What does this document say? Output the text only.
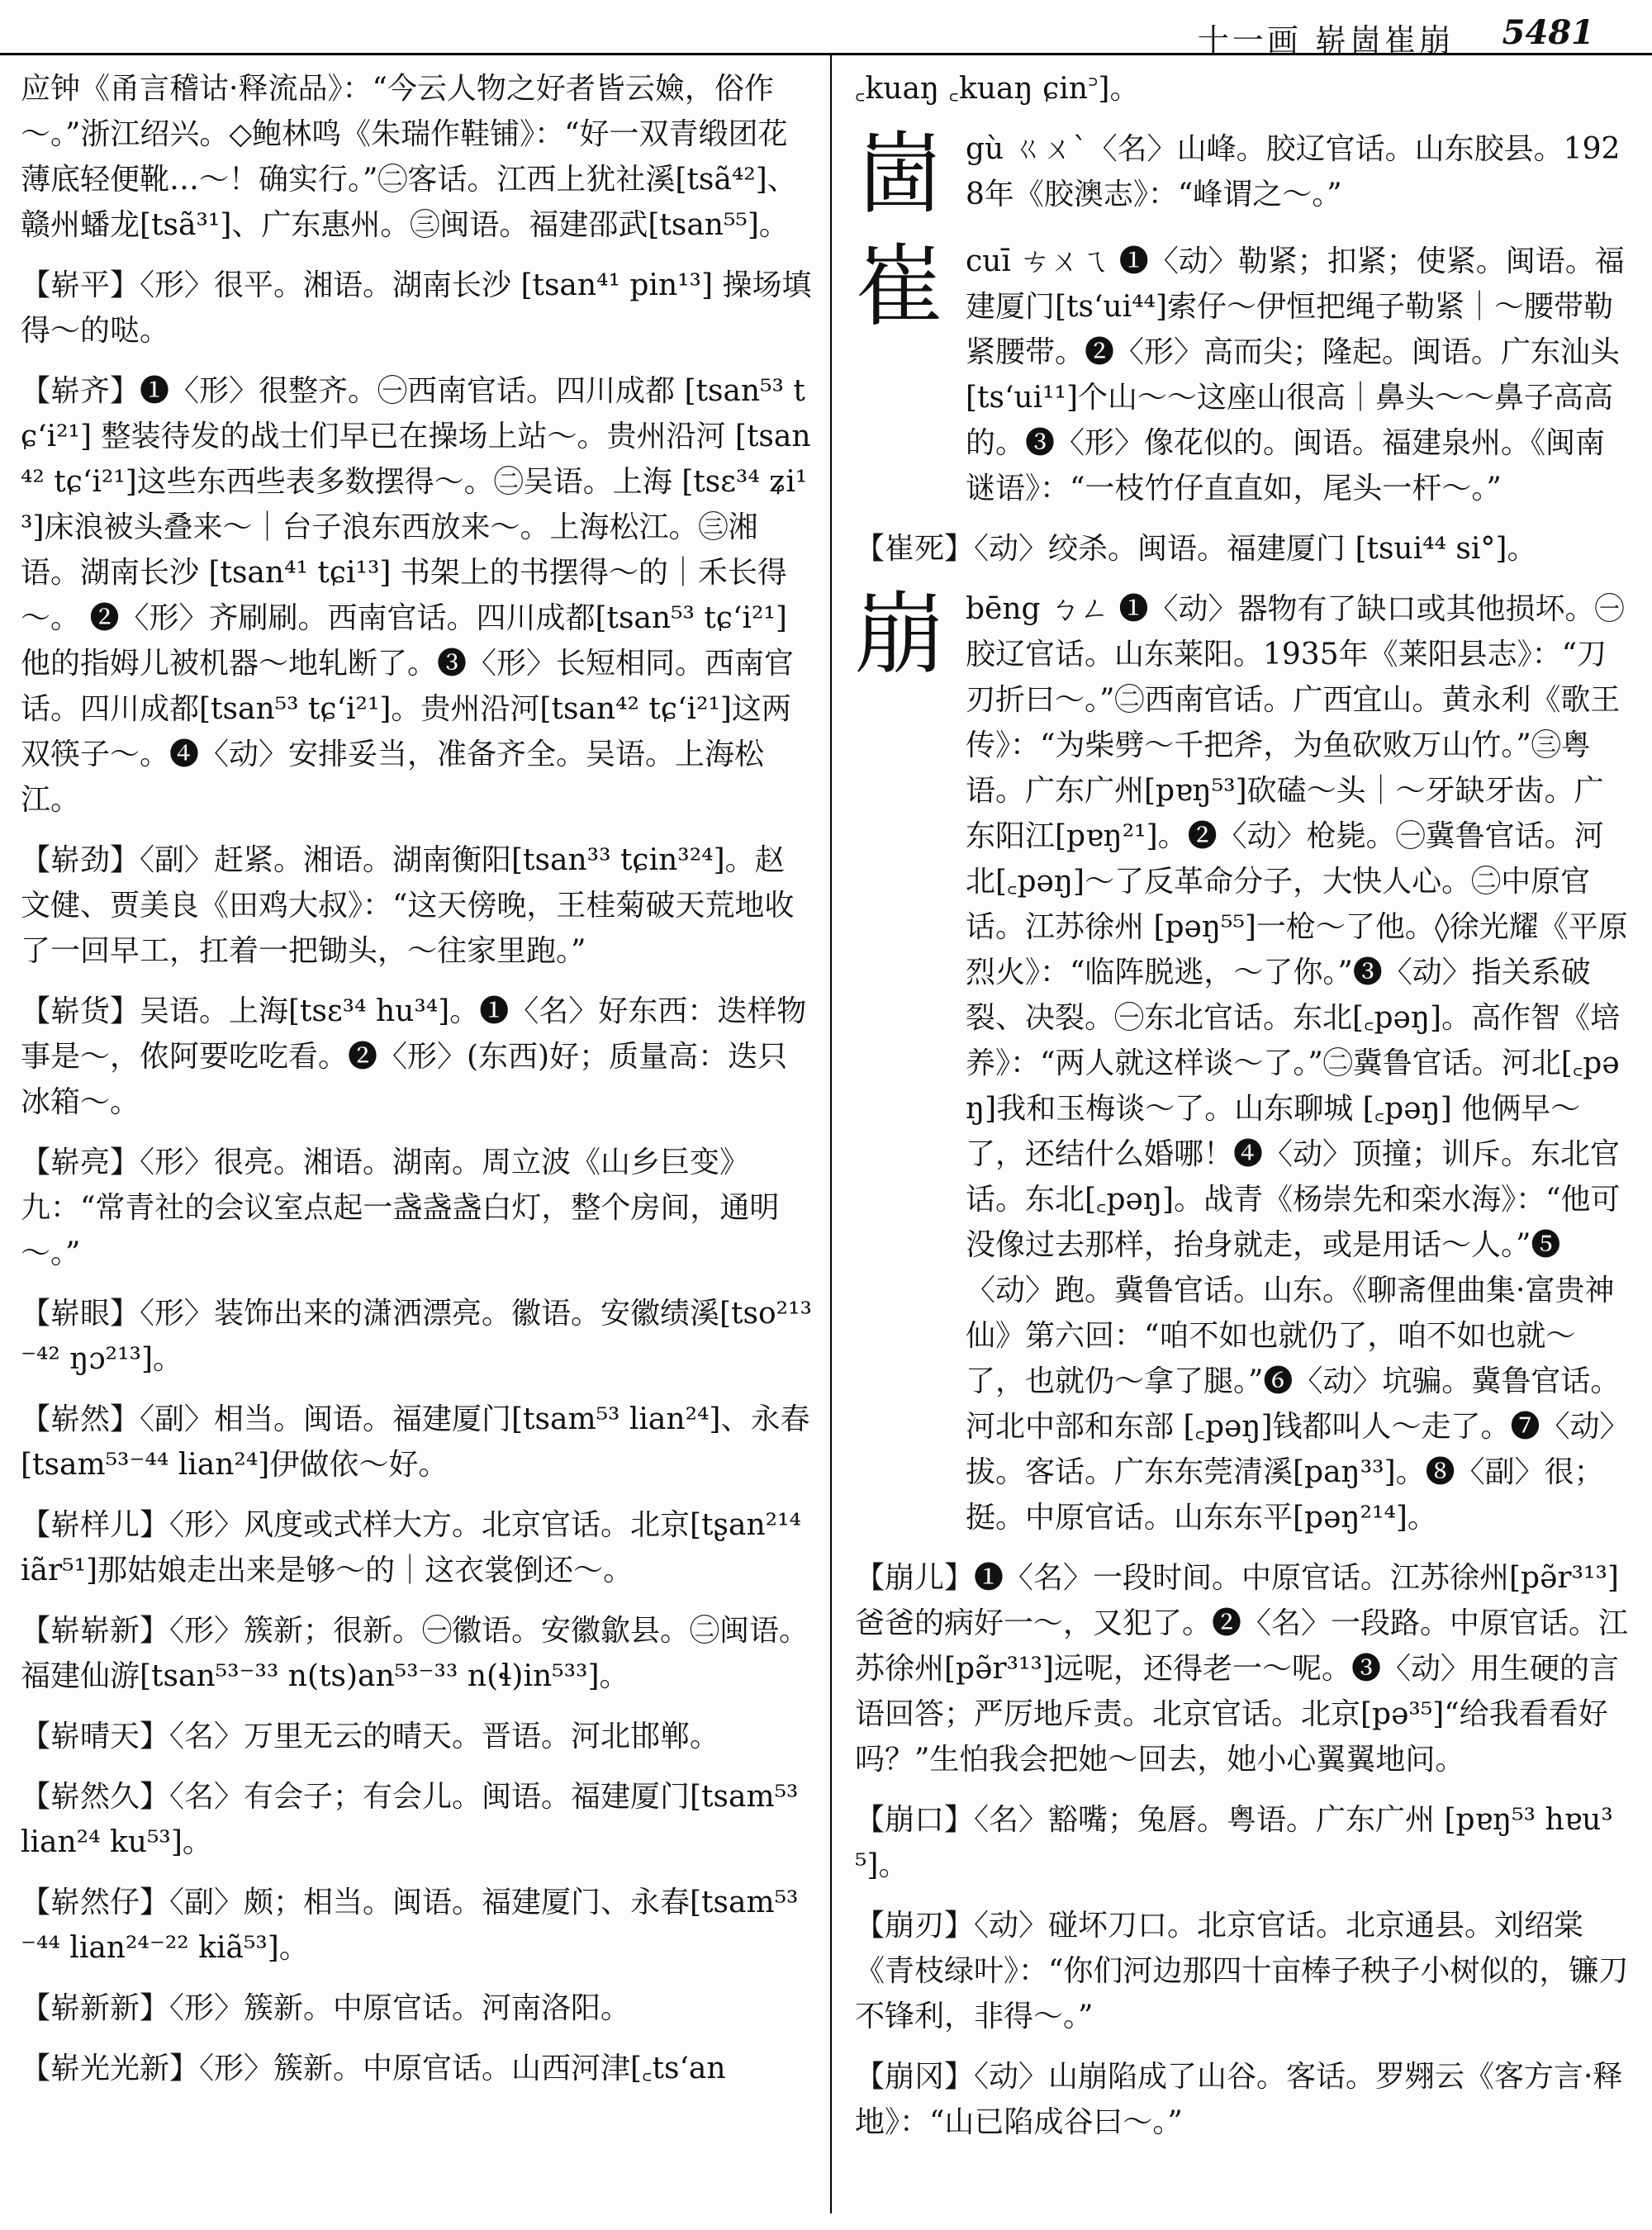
十一画 崭崮崔崩 5481

应钟《甬言稽诂·释流品》：“今云人物之好者皆云嬐，俗作～。”浙江绍兴。◇鲍林鸣《朱瑞作鞋铺》：“好一双青缎团花薄底轻便靴…～！确实行。”㊁客话。江西上犹社溪[tsã⁴²]、赣州蟠龙[tsã³¹]、广东惠州。㊂闽语。福建邵武[tsan⁵⁵]。

【崭平】〈形〉很平。湘语。湖南长沙 [tsan⁴¹ pin¹³] 操场填得～的哒。

【崭齐】❶〈形〉很整齐。㊀西南官话。四川成都 [tsan⁵³ tɕʻi²¹] 整装待发的战士们早已在操场上站～。贵州沿河 [tsan⁴² tɕʻi²¹]这些东西些表多数摆得～。㊁吴语。上海 [tsɛ³⁴ ʑi¹³]床浪被头叠来～｜台子浪东西放来～。上海松江。㊂湘语。湖南长沙 [tsan⁴¹ tɕi¹³] 书架上的书摆得～的｜禾长得～。 ❷〈形〉齐刷刷。西南官话。四川成都[tsan⁵³ tɕʻi²¹]他的指姆儿被机器～地轧断了。❸〈形〉长短相同。西南官话。四川成都[tsan⁵³ tɕʻi²¹]。贵州沿河[tsan⁴² tɕʻi²¹]这两双筷子～。❹〈动〉安排妥当，准备齐全。吴语。上海松江。

【崭劲】〈副〉赶紧。湘语。湖南衡阳[tsan³³ tɕin³²⁴]。赵文健、贾美良《田鸡大叔》：“这天傍晚，王桂菊破天荒地收了一回早工，扛着一把锄头，～往家里跑。”

【崭货】吴语。上海[tsɛ³⁴ hu³⁴]。❶〈名〉好东西：迭样物事是～，侬阿要吃吃看。❷〈形〉(东西)好；质量高：迭只冰箱～。

【崭亮】〈形〉很亮。湘语。湖南。周立波《山乡巨变》九：“常青社的会议室点起一盏盏盏白灯，整个房间，通明～。”

【崭眼】〈形〉装饰出来的潇洒漂亮。徽语。安徽绩溪[tso²¹³⁻⁴² ŋɔ²¹³]。

【崭然】〈副〉相当。闽语。福建厦门[tsam⁵³ lian²⁴]、永春[tsam⁵³⁻⁴⁴ lian²⁴]伊做依～好。

【崭样儿】〈形〉风度或式样大方。北京官话。北京[tʂan²¹⁴ iãr⁵¹]那姑娘走出来是够～的｜这衣裳倒还～。

【崭崭新】〈形〉簇新；很新。㊀徽语。安徽歙县。㊁闽语。福建仙游[tsan⁵³⁻³³ n(ts)an⁵³⁻³³ n(ɬ)in⁵³³]。

【崭晴天】〈名〉万里无云的晴天。晋语。河北邯郸。

【崭然久】〈名〉有会子；有会儿。闽语。福建厦门[tsam⁵³ lian²⁴ ku⁵³]。

【崭然仔】〈副〉颇；相当。闽语。福建厦门、永春[tsam⁵³⁻⁴⁴ lian²⁴⁻²² kiã⁵³]。

【崭新新】〈形〉簇新。中原官话。河南洛阳。

【崭光光新】〈形〉簇新。中原官话。山西河津[꜀tsʻan

꜀kuaŋ ꜀kuaŋ ɕin꜄]。

崮 gù ㄍㄨˋ〈名〉山峰。胶辽官话。山东胶县。1928年《胶澳志》：“峰谓之～。”
崔 cuī ㄘㄨㄟ ❶〈动〉勒紧；扣紧；使紧。闽语。福建厦门[tsʻui⁴⁴]索仔～伊恒把绳子勒紧｜～腰带勒紧腰带。❷〈形〉高而尖；隆起。闽语。广东汕头[tsʻui¹¹]个山～～这座山很高｜鼻头～～鼻子高高的。❸〈形〉像花似的。闽语。福建泉州。《闽南谜语》：“一枝竹仔直直如，尾头一杆～。”

【崔死】〈动〉绞杀。闽语。福建厦门 [tsui⁴⁴ si°]。

崩 bēng ㄅㄥ ❶〈动〉器物有了缺口或其他损坏。㊀胶辽官话。山东莱阳。1935年《莱阳县志》：“刀刃折曰～。”㊁西南官话。广西宜山。黄永利《歌王传》：“为柴劈～千把斧，为鱼砍败万山竹。”㊂粤语。广东广州[pɐŋ⁵³]砍磕～头｜～牙缺牙齿。广东阳江[pɐŋ²¹]。❷〈动〉枪毙。㊀冀鲁官话。河北[꜀pəŋ]～了反革命分子，大快人心。㊁中原官话。江苏徐州 [pəŋ⁵⁵]一枪～了他。◊徐光耀《平原烈火》：“临阵脱逃，～了你。”❸〈动〉指关系破裂、决裂。㊀东北官话。东北[꜀pəŋ]。高作智《培养》：“两人就这样谈～了。”㊁冀鲁官话。河北[꜀pəŋ]我和玉梅谈～了。山东聊城 [꜀pəŋ] 他俩早～了，还结什么婚哪！❹〈动〉顶撞；训斥。东北官话。东北[꜀pəŋ]。战青《杨崇先和栾水海》：“他可没像过去那样，抬身就走，或是用话～人。”❺〈动〉跑。冀鲁官话。山东。《聊斋俚曲集·富贵神仙》第六回：“咱不如也就仍了，咱不如也就～了，也就仍～拿了腿。”❻〈动〉坑骗。冀鲁官话。河北中部和东部 [꜀pəŋ]钱都叫人～走了。❼〈动〉拔。客话。广东东莞清溪[paŋ³³]。❽〈副〉很；挺。中原官话。山东东平[pəŋ²¹⁴]。

【崩儿】❶〈名〉一段时间。中原官话。江苏徐州[pə̃r³¹³]爸爸的病好一～，又犯了。❷〈名〉一段路。中原官话。江苏徐州[pə̃r³¹³]远呢，还得老一～呢。❸〈动〉用生硬的言语回答；严厉地斥责。北京官话。北京[pə³⁵]“给我看看好吗？”生怕我会把她～回去，她小心翼翼地问。

【崩口】〈名〉豁嘴；兔唇。粤语。广东广州 [pɐŋ⁵³ hɐu³⁵]。

【崩刃】〈动〉碰坏刀口。北京官话。北京通县。刘绍棠《青枝绿叶》：“你们河边那四十亩棒子秧子小树似的，镰刀不锋利，非得～。”

【崩冈】〈动〉山崩陷成了山谷。客话。罗翙云《客方言·释地》：“山已陷成谷曰～。”
